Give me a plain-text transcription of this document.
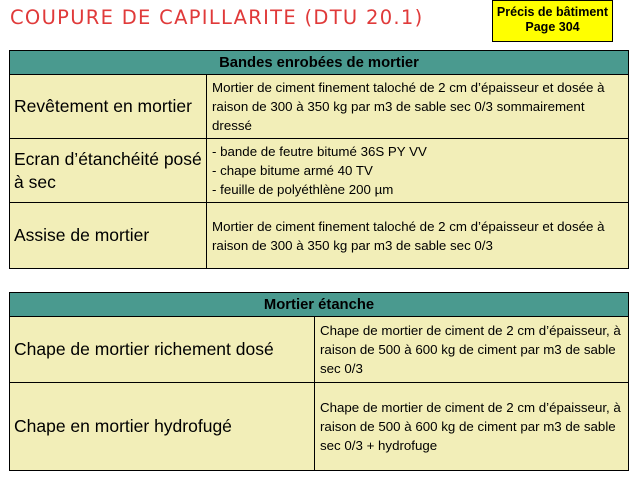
COUPURE DE CAPILLARITE (DTU 20.1)	Précis de bâtiment
Page 304
Bandes enrobées de mortier	
Revêtement en mortier	Mortier de ciment finement taloché de 2 cm d’épaisseur et dosée à raison de 300 à 350 kg par m3 de sable sec 0/3 sommairement dressé
Ecran d’étanchéité posé à sec	- bande de feutre bitumé 36S PY VV
- chape bitume armé 40 TV
- feuille de polyéthlène 200 µm

Assise de mortier	Mortier de ciment finement taloché de 2 cm d’épaisseur et dosée à raison de 300 à 350 kg par m3 de sable sec 0/3
Mortier étanche	
Chape de mortier richement dosé	Chape de mortier de ciment de 2 cm d’épaisseur, à raison de 500 à 600 kg de ciment par m3 de sable sec 0/3
Chape en mortier hydrofugé	Chape de mortier de ciment de 2 cm d’épaisseur, à raison de 500 à 600 kg de ciment par m3 de sable sec 0/3 + hydrofuge
